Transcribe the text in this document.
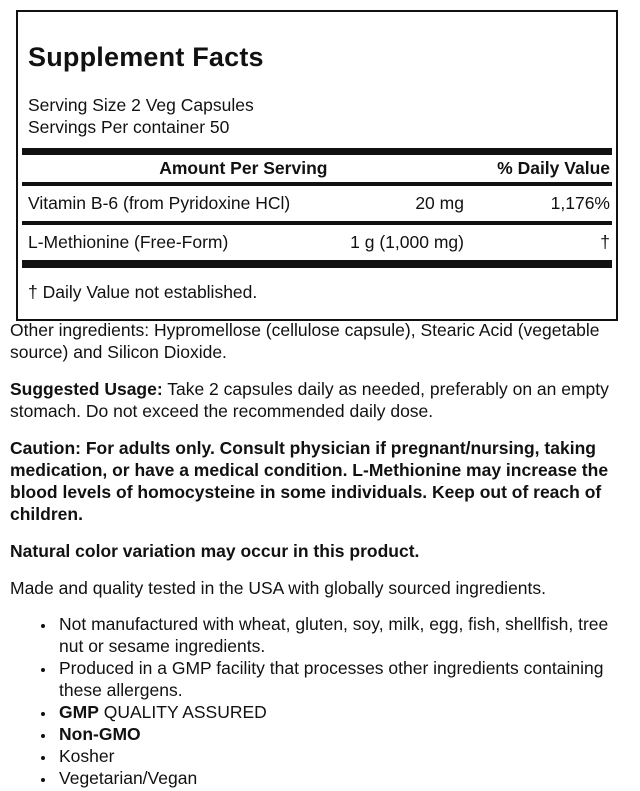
Supplement Facts
Serving Size 2 Veg Capsules
Servings Per container 50
Amount Per Serving	% Daily Value
Vitamin B-6 (from Pyridoxine HCl)	20 mg	1,176%
L-Methionine (Free-Form)	1 g (1,000 mg)	†
† Daily Value not established.
Other ingredients: Hypromellose (cellulose capsule), Stearic Acid (vegetable source) and Silicon Dioxide.
Suggested Usage: Take 2 capsules daily as needed, preferably on an empty stomach. Do not exceed the recommended daily dose.
Caution: For adults only. Consult physician if pregnant/nursing, taking medication, or have a medical condition. L-Methionine may increase the blood levels of homocysteine in some individuals. Keep out of reach of children.
Natural color variation may occur in this product.
Made and quality tested in the USA with globally sourced ingredients.
• Not manufactured with wheat, gluten, soy, milk, egg, fish, shellfish, tree nut or sesame ingredients.
• Produced in a GMP facility that processes other ingredients containing these allergens.
• GMP QUALITY ASSURED
• Non-GMO
• Kosher
• Vegetarian/Vegan
